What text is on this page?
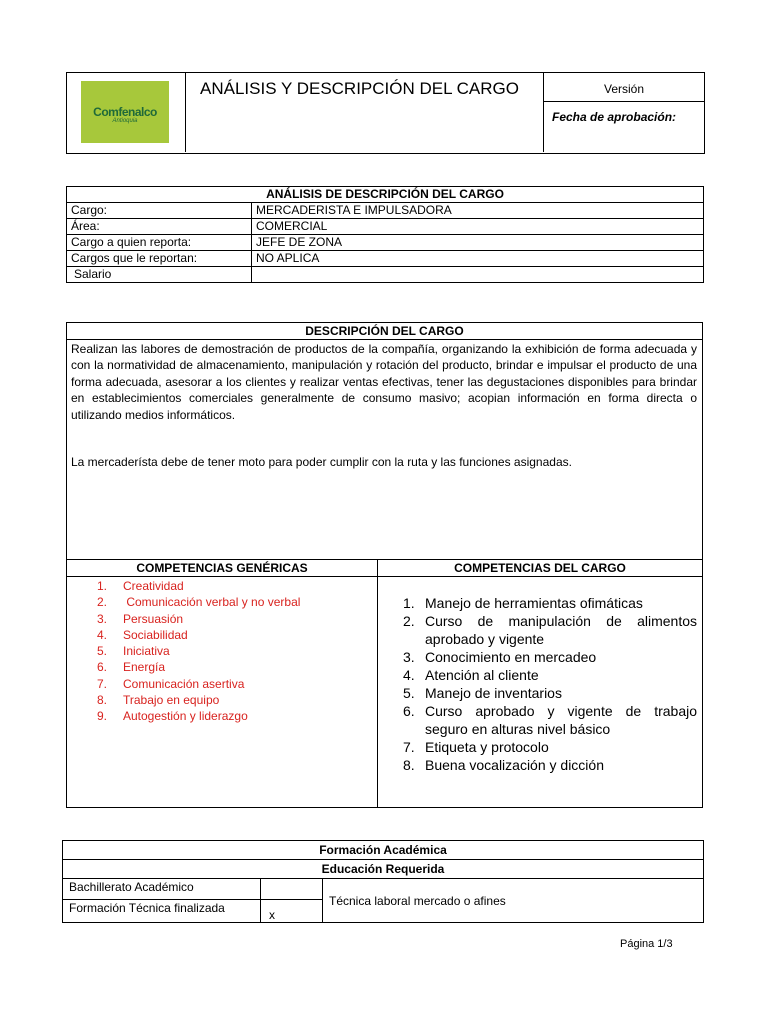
Comfenalco
Antioquia
ANÁLISIS Y DESCRIPCIÓN DEL CARGO	Versión
Fecha de aprobación:
ANÁLISIS DE DESCRIPCIÓN DEL CARGO	
Cargo:	MERCADERISTA E IMPULSADORA
Área:	COMERCIAL
Cargo a quien reporta:	JEFE DE ZONA
Cargos que le reportan:	NO APLICA
Salario	
DESCRIPCIÓN DEL CARGO
Realizan las labores de demostración de productos de la compañía, organizando la exhibición de forma adecuada y con la normatividad de almacenamiento, manipulación y rotación del producto, brindar e impulsar el producto de una forma adecuada, asesorar a los clientes y realizar ventas efectivas, tener las degustaciones disponibles para brindar en establecimientos comerciales generalmente de consumo masivo; acopian información en forma directa o utilizando medios informáticos.
La mercaderísta debe de tener moto para poder cumplir con la ruta y las funciones asignadas.
COMPETENCIAS GENÉRICAS	COMPETENCIAS DEL CARGO
1. Creatividad
2. Comunicación verbal y no verbal
3. Persuasión
4. Sociabilidad
5. Iniciativa
6. Energía
7. Comunicación asertiva
8. Trabajo en equipo
9. Autogestión y liderazgo
1. Manejo de herramientas ofimáticas
2. Curso de manipulación de alimentos aprobado y vigente
3. Conocimiento en mercadeo
4. Atención al cliente
5. Manejo de inventarios
6. Curso aprobado y vigente de trabajo seguro en alturas nivel básico
7. Etiqueta y protocolo
8. Buena vocalización y dicción
Formación Académica		
Educación Requerida		
Bachillerato Académico		Técnica laboral mercado o afines
Formación Técnica finalizada	x	
Página 1/3
